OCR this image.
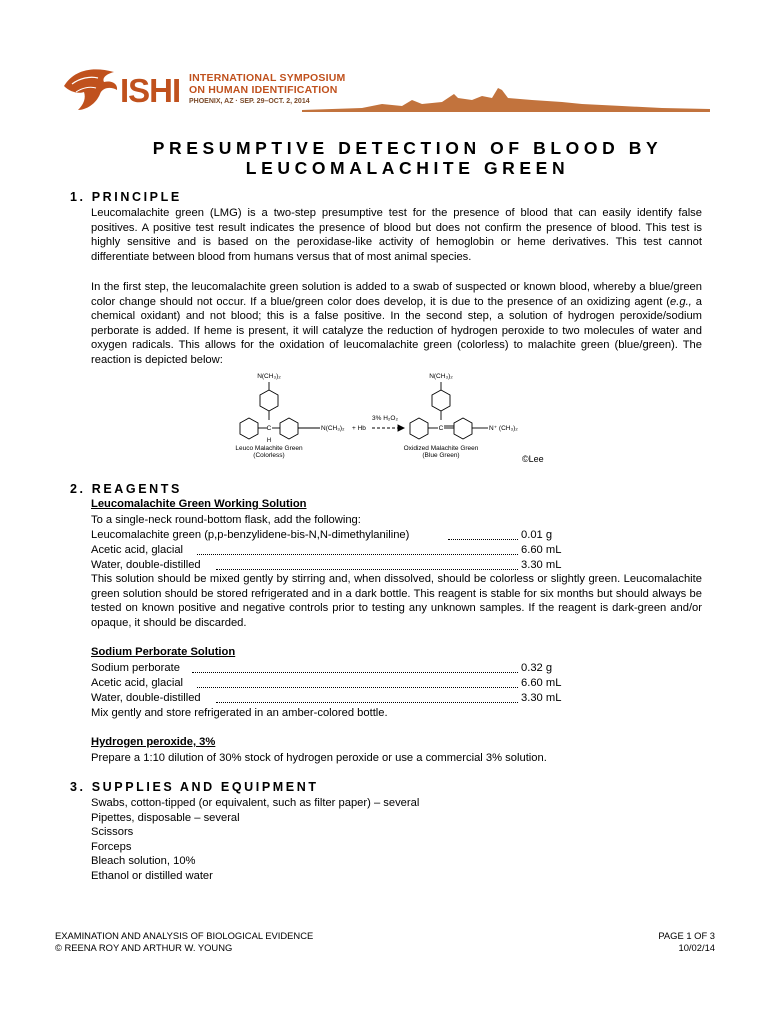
ISHI INTERNATIONAL SYMPOSIUM
ON HUMAN IDENTIFICATION
PHOENIX, AZ · SEP. 29–OCT. 2, 2014
PRESUMPTIVE DETECTION OF BLOOD BY
LEUCOMALACHITE GREEN
1. PRINCIPLE
Leucomalachite green (LMG) is a two-step presumptive test for the presence of blood that can easily identify false positives. A positive test result indicates the presence of blood but does not confirm the presence of blood. This test is highly sensitive and is based on the peroxidase-like activity of hemoglobin or heme derivatives. This test cannot differentiate between blood from humans versus that of most animal species.
In the first step, the leucomalachite green solution is added to a swab of suspected or known blood, whereby a blue/green color change should not occur. If a blue/green color does develop, it is due to the presence of an oxidizing agent (e.g., a chemical oxidant) and not blood; this is a false positive. In the second step, a solution of hydrogen peroxide/sodium perborate is added. If heme is present, it will catalyze the reduction of hydrogen peroxide to two molecules of water and oxygen radicals. This allows for the oxidation of leucomalachite green (colorless) to malachite green (blue/green). The reaction is depicted below:
N(CH₃)₂
C
H
N(CH₃)₂ + Hb
3% H₂O₂
N(CH₃)₂
C	N⁺ (CH₃)₂
Leuco Malachite Green
(Colorless)
Oxidized Malachite Green
(Blue Green)	©Lee
2. REAGENTS
Leucomalachite Green Working Solution
To a single-neck round-bottom flask, add the following:
Leucomalachite green (p,p-benzylidene-bis-N,N-dimethylaniline)	0.01 g
Acetic acid, glacial	6.60 mL
Water, double-distilled	3.30 mL
This solution should be mixed gently by stirring and, when dissolved, should be colorless or slightly green. Leucomalachite green solution should be stored refrigerated and in a dark bottle. This reagent is stable for six months but should always be tested on known positive and negative controls prior to testing any unknown samples. If the reagent is dark-green and/or opaque, it should be discarded.
Sodium Perborate Solution
Sodium perborate	0.32 g
Acetic acid, glacial	6.60 mL
Water, double-distilled	3.30 mL
Mix gently and store refrigerated in an amber-colored bottle.
Hydrogen peroxide, 3%
Prepare a 1:10 dilution of 30% stock of hydrogen peroxide or use a commercial 3% solution.
3. SUPPLIES AND EQUIPMENT
Swabs, cotton-tipped (or equivalent, such as filter paper) – several
Pipettes, disposable – several
Scissors
Forceps
Bleach solution, 10%
Ethanol or distilled water
EXAMINATION AND ANALYSIS OF BIOLOGICAL EVIDENCE
© REENA ROY AND ARTHUR W. YOUNG
PAGE 1 OF 3
10/02/14
